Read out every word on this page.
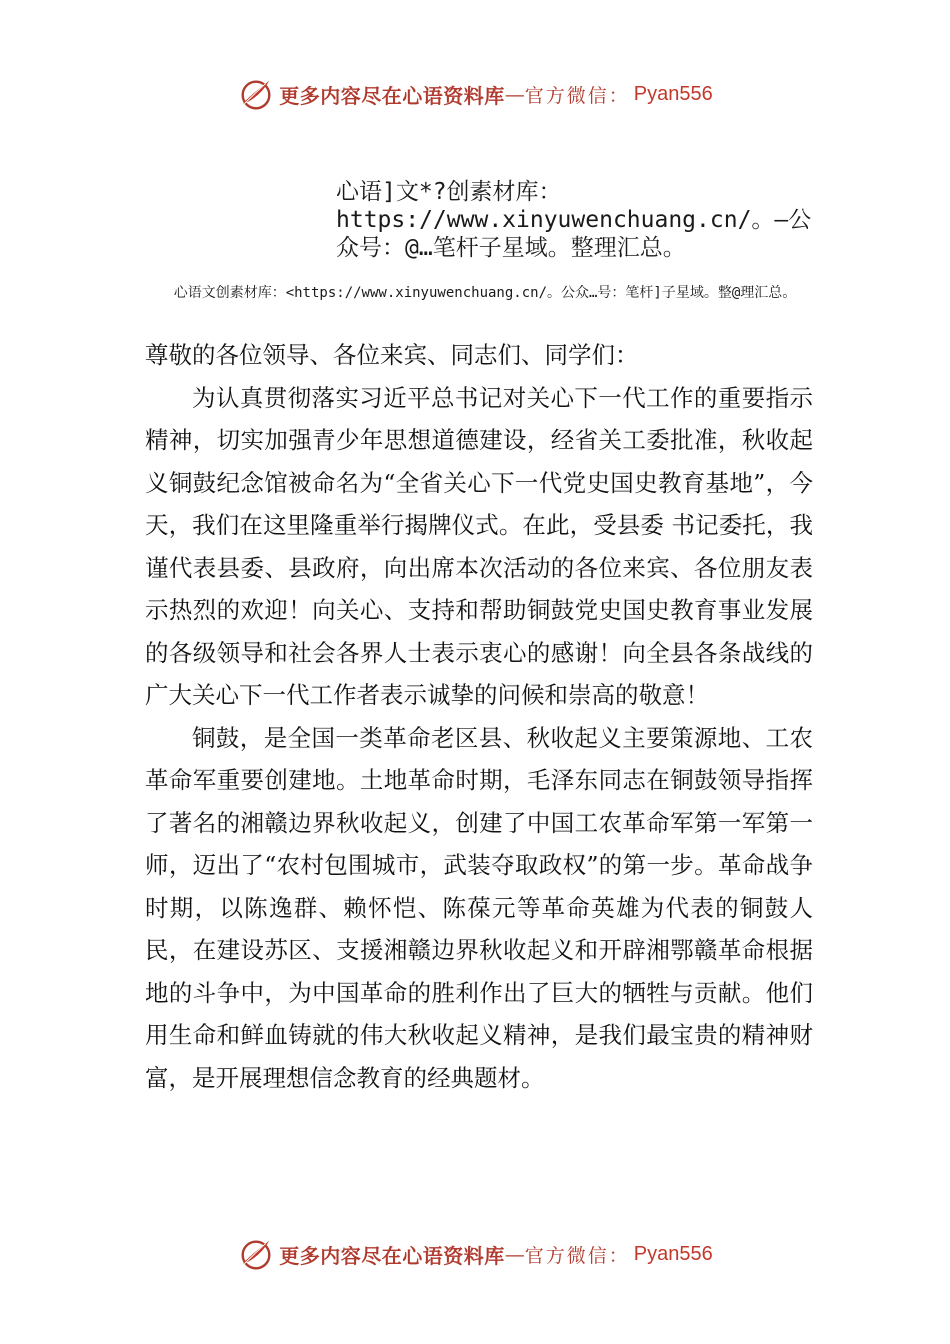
更多内容尽在心语资料库 — 官方微信： Pyan556
心语]文*?创素材库：https://www.xinyuwenchuang.cn/。—公众号：@…笔杆子星域。整理汇总。
心语文创素材库：<https://www.xinyuwenchuang.cn/。公众…号：笔杆]子星域。整@理汇总。

尊敬的各位领导、各位来宾、同志们、同学们：

为认真贯彻落实习近平总书记对关心下一代工作的重要指示精神，切实加强青少年思想道德建设，经省关工委批准，秋收起义铜鼓纪念馆被命名为“全省关心下一代党史国史教育基地”，今天，我们在这里隆重举行揭牌仪式。在此，受县委 书记委托，我谨代表县委、县政府，向出席本次活动的各位来宾、各位朋友表示热烈的欢迎！向关心、支持和帮助铜鼓党史国史教育事业发展的各级领导和社会各界人士表示衷心的感谢！向全县各条战线的广大关心下一代工作者表示诚挚的问候和崇高的敬意！

铜鼓，是全国一类革命老区县、秋收起义主要策源地、工农革命军重要创建地。土地革命时期，毛泽东同志在铜鼓领导指挥了著名的湘赣边界秋收起义，创建了中国工农革命军第一军第一师，迈出了“农村包围城市，武装夺取政权”的第一步。革命战争时期，以陈逸群、赖怀恺、陈葆元等革命英雄为代表的铜鼓人民，在建设苏区、支援湘赣边界秋收起义和开辟湘鄂赣革命根据地的斗争中，为中国革命的胜利作出了巨大的牺牲与贡献。他们用生命和鲜血铸就的伟大秋收起义精神，是我们最宝贵的精神财富，是开展理想信念教育的经典题材。

更多内容尽在心语资料库 — 官方微信： Pyan556
